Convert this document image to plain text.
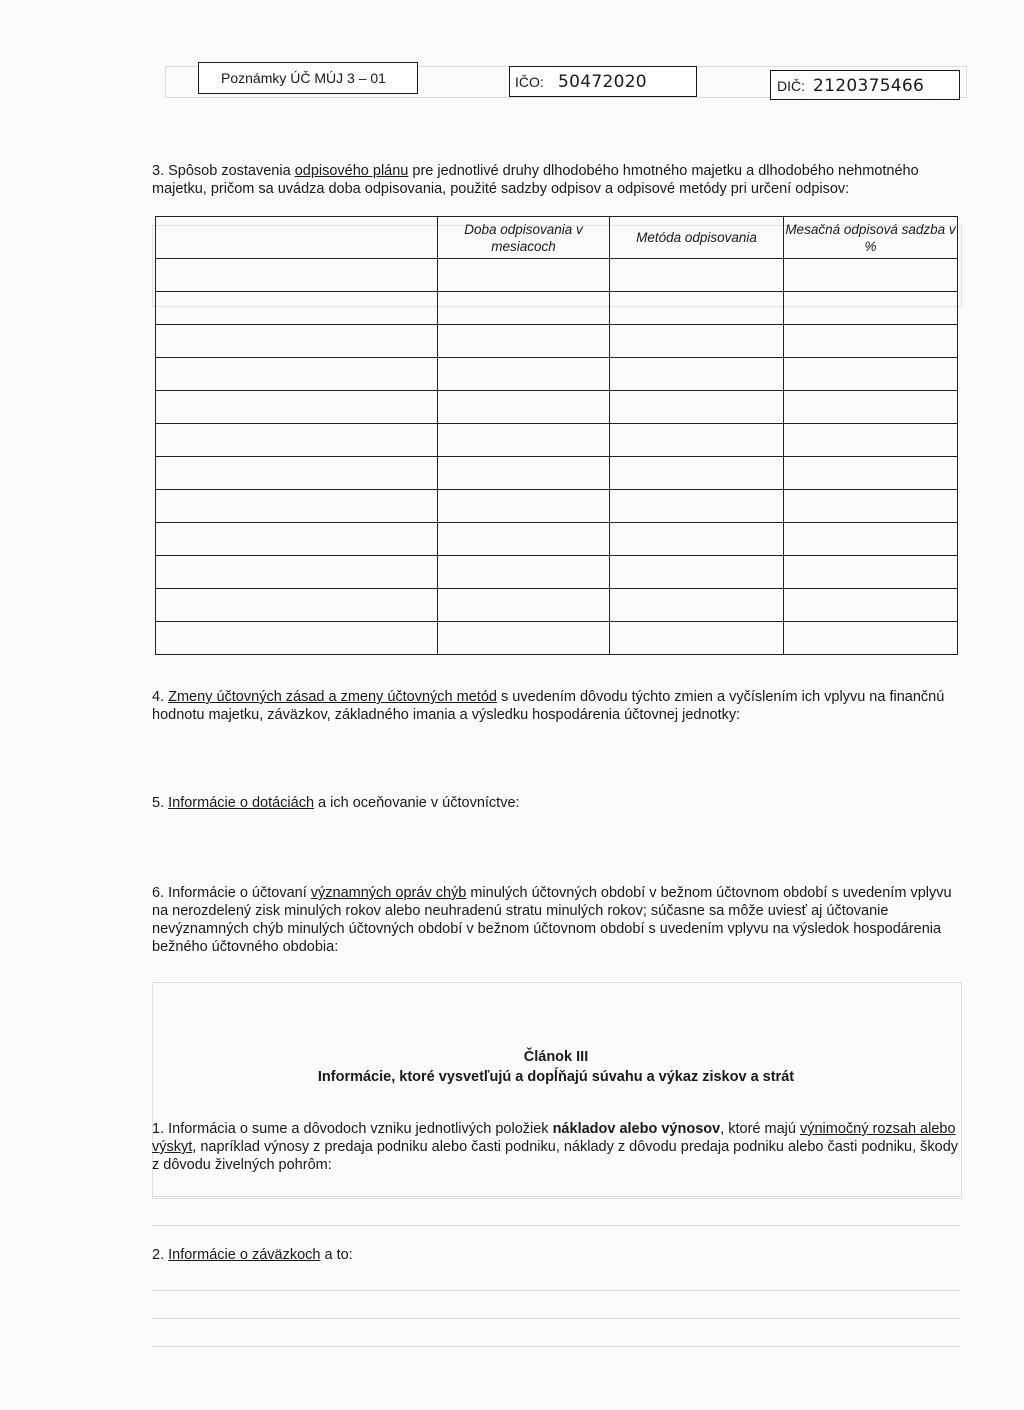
Poznámky ÚČ MÚJ 3 – 01	IČO: 50472020	DIČ: 2120375466
3. Spôsob zostavenia odpisového plánu pre jednotlivé druhy dlhodobého hmotného majetku a dlhodobého nehmotného majetku, pričom sa uvádza doba odpisovania, použité sadzby odpisov a odpisové metódy pri určení odpisov:
	Doba odpisovania v mesiacoch	Metóda odpisovania	Mesačná odpisová sadzba v %

4. Zmeny účtovných zásad a zmeny účtovných metód s uvedením dôvodu týchto zmien a vyčíslením ich vplyvu na finančnú hodnotu majetku, záväzkov, základného imania a výsledku hospodárenia účtovnej jednotky:
5. Informácie o dotáciách a ich oceňovanie v účtovníctve:
6. Informácie o účtovaní významných opráv chýb minulých účtovných období v bežnom účtovnom období s uvedením vplyvu na nerozdelený zisk minulých rokov alebo neuhradenú stratu minulých rokov; súčasne sa môže uviesť aj účtovanie nevýznamných chýb minulých účtovných období v bežnom účtovnom období s uvedením vplyvu na výsledok hospodárenia bežného účtovného obdobia:
Článok III
Informácie, ktoré vysvetľujú a dopĺňajú súvahu a výkaz ziskov a strát
1. Informácia o sume a dôvodoch vzniku jednotlivých položiek nákladov alebo výnosov, ktoré majú výnimočný rozsah alebo výskyt, napríklad výnosy z predaja podniku alebo časti podniku, náklady z dôvodu predaja podniku alebo časti podniku, škody z dôvodu živelných pohrôm:
2. Informácie o záväzkoch a to:
